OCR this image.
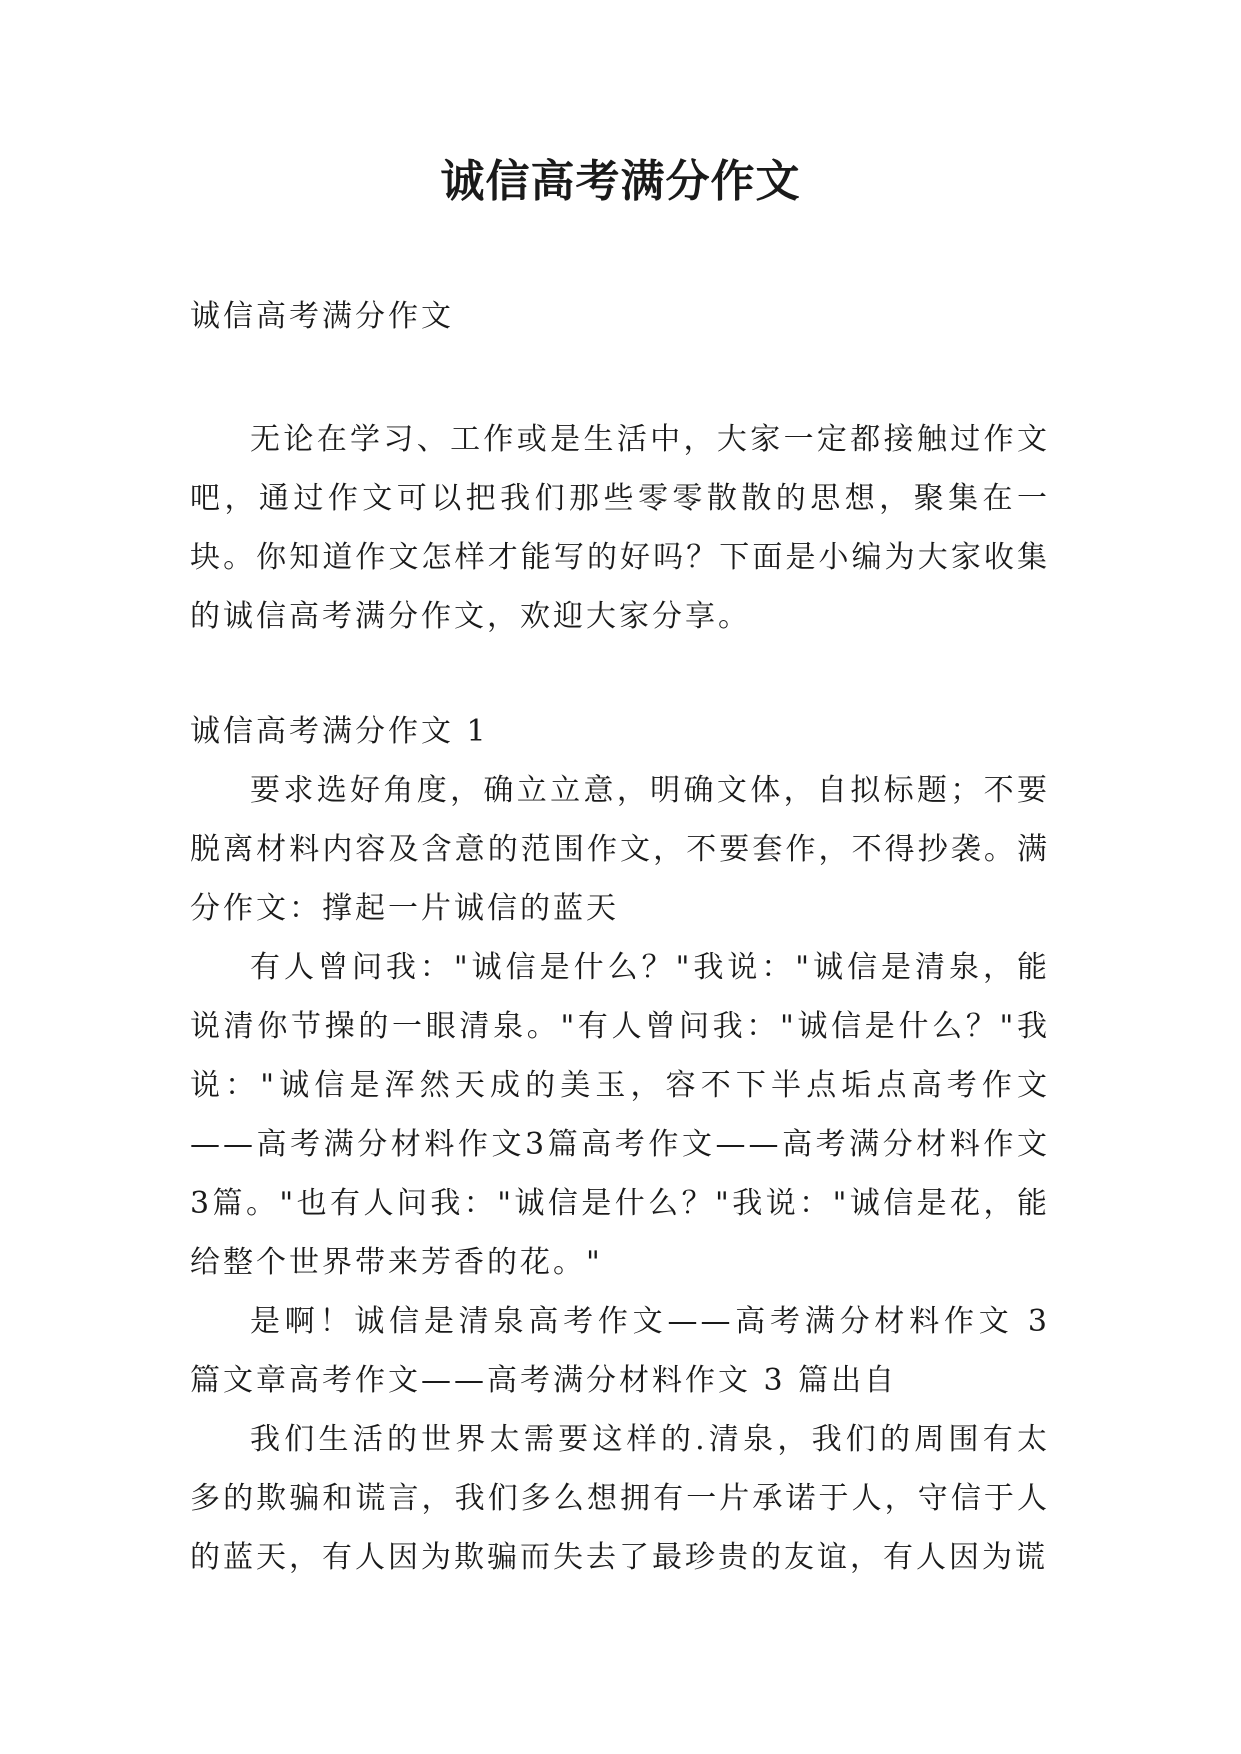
诚信高考满分作文

诚信高考满分作文

无论在学习、工作或是生活中，大家一定都接触过作文吧，通过作文可以把我们那些零零散散的思想，聚集在一块。你知道作文怎样才能写的好吗？下面是小编为大家收集的诚信高考满分作文，欢迎大家分享。

诚信高考满分作文 1

要求选好角度，确立立意，明确文体，自拟标题；不要脱离材料内容及含意的范围作文，不要套作，不得抄袭。满分作文：撑起一片诚信的蓝天

有人曾问我："诚信是什么？"我说："诚信是清泉，能说清你节操的一眼清泉。"有人曾问我："诚信是什么？"我说："诚信是浑然天成的美玉，容不下半点垢点高考作文——高考满分材料作文3篇高考作文——高考满分材料作文3篇。"也有人问我："诚信是什么？"我说："诚信是花，能给整个世界带来芳香的花。"

是啊！诚信是清泉高考作文——高考满分材料作文 3 篇文章高考作文——高考满分材料作文 3 篇出自

我们生活的世界太需要这样的.清泉，我们的周围有太多的欺骗和谎言，我们多么想拥有一片承诺于人，守信于人的蓝天，有人因为欺骗而失去了最珍贵的友谊，有人因为谎
